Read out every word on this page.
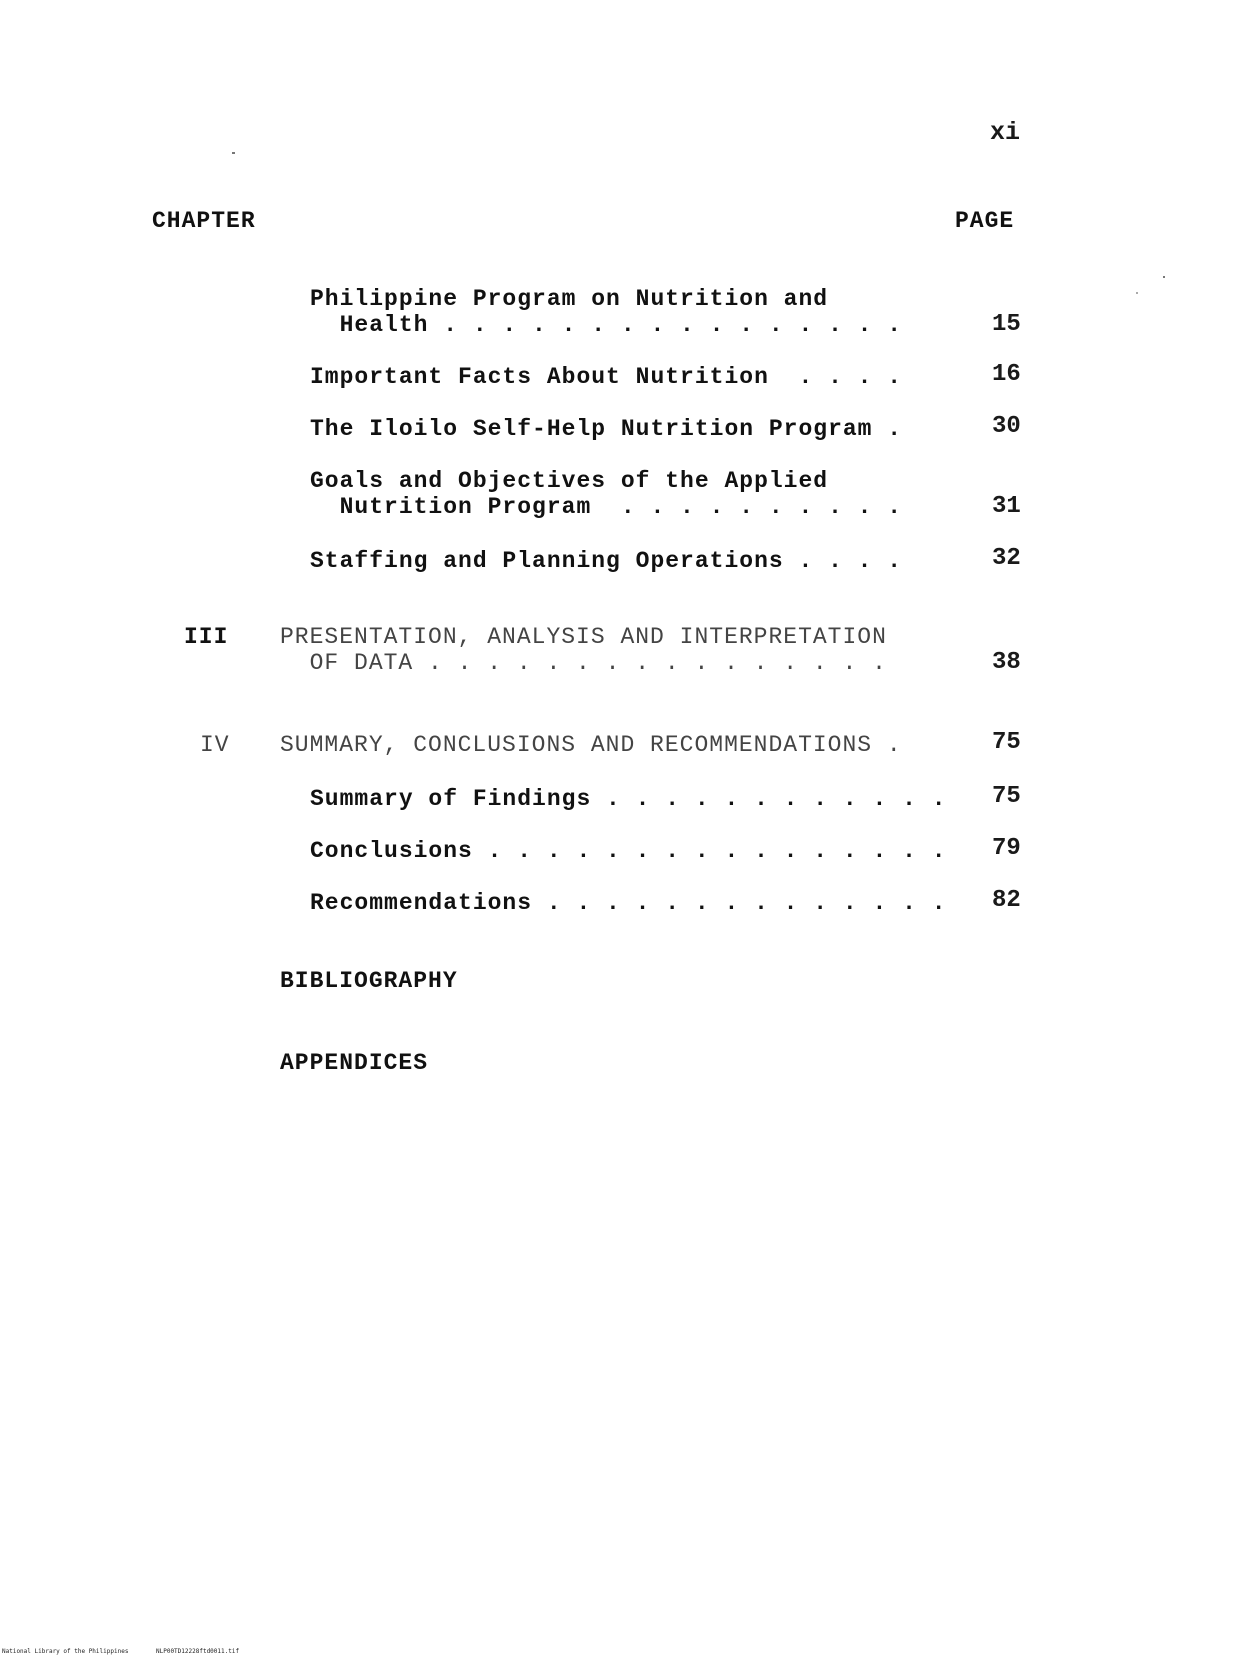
xi
CHAPTER	PAGE
Philippine Program on Nutrition and
Health . . . . . . . . . . . . . . . .	15
Important Facts About Nutrition  . . . .	16
The Iloilo Self-Help Nutrition Program .	30
Goals and Objectives of the Applied
Nutrition Program  . . . . . . . . . .	31
Staffing and Planning Operations . . . .	32
III PRESENTATION, ANALYSIS AND INTERPRETATION
OF DATA . . . . . . . . . . . . . . . .	38
IV SUMMARY, CONCLUSIONS AND RECOMMENDATIONS .	75
Summary of Findings . . . . . . . . . . . . 75
Conclusions . . . . . . . . . . . . . . . . 79
Recommendations . . . . . . . . . . . . . . 82
BIBLIOGRAPHY
APPENDICES
National Library of the Philippines	NLP00TD12228ftd0011.tif
